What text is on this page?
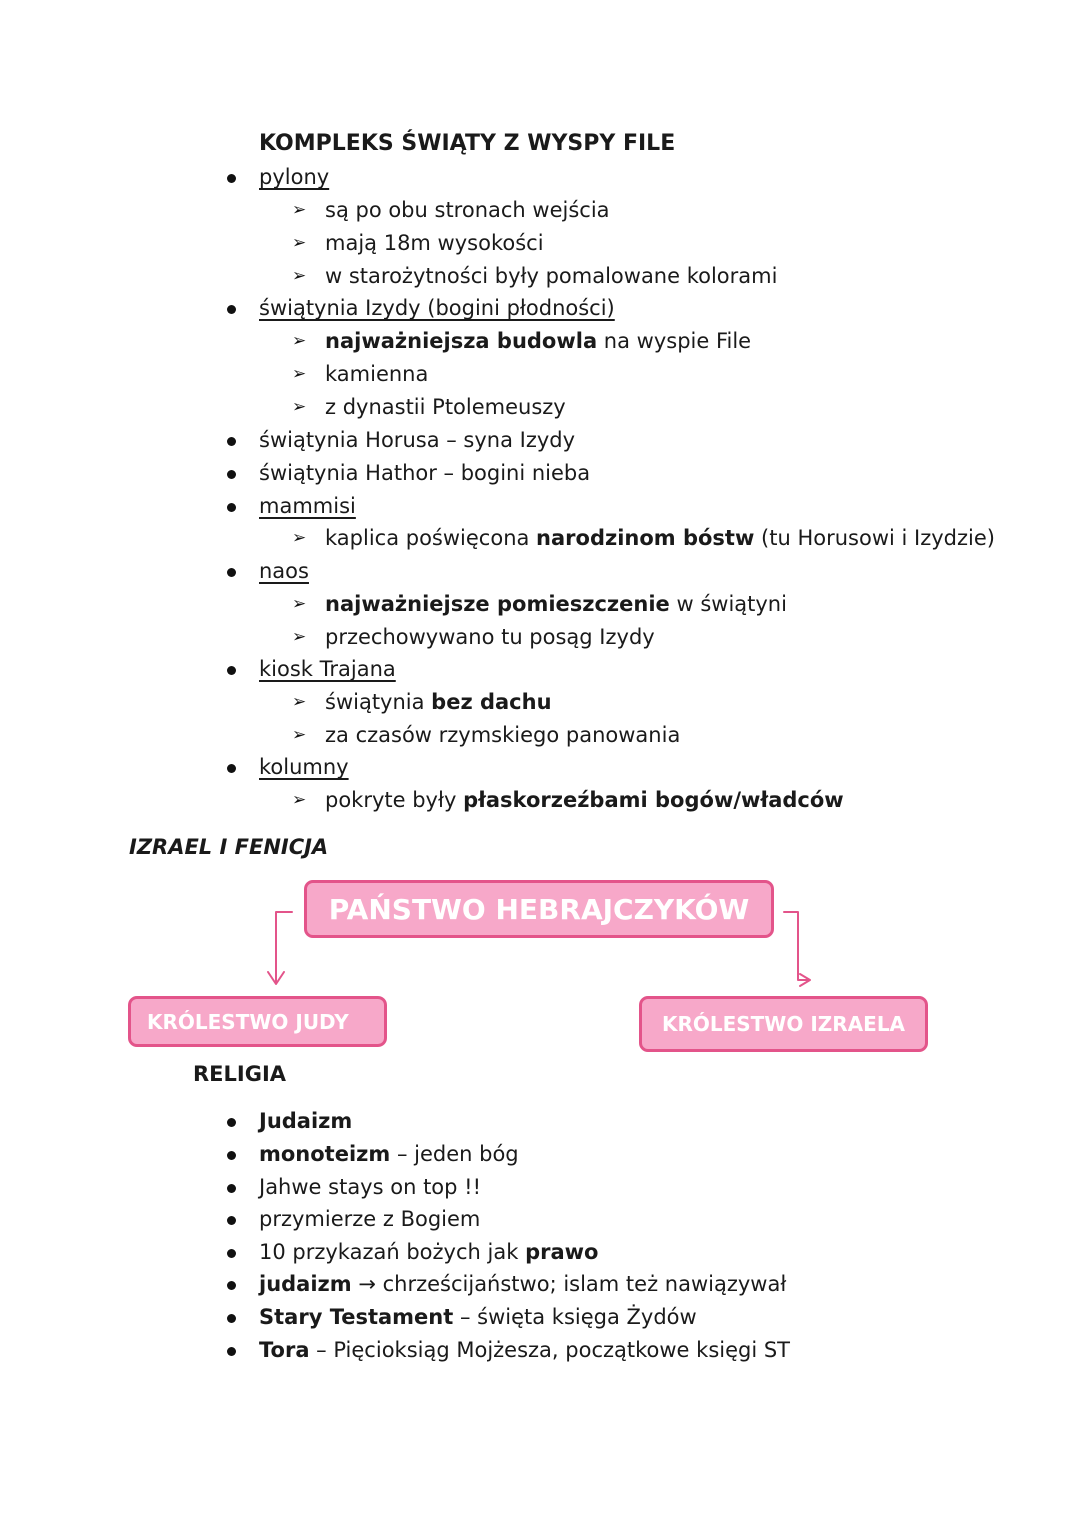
KOMPLEKS ŚWIĄTY Z WYSPY FILE
pylony
➢ są po obu stronach wejścia
➢ mają 18m wysokości
➢ w starożytności były pomalowane kolorami
świątynia Izydy (bogini płodności)
➢ najważniejsza budowla na wyspie File
➢ kamienna
➢ z dynastii Ptolemeuszy
świątynia Horusa – syna Izydy
świątynia Hathor – bogini nieba
mammisi
➢ kaplica poświęcona narodzinom bóstw (tu Horusowi i Izydzie)
naos
➢ najważniejsze pomieszczenie w świątyni
➢ przechowywano tu posąg Izydy
kiosk Trajana
➢ świątynia bez dachu
➢ za czasów rzymskiego panowania
kolumny
➢ pokryte były płaskorzeźbami bogów/władców
IZRAEL I FENICJA
PAŃSTWO HEBRAJCZYKÓW
KRÓLESTWO JUDY	KRÓLESTWO IZRAELA
RELIGIA
Judaizm
monoteizm – jeden bóg
Jahwe stays on top !!
przymierze z Bogiem
10 przykazań bożych jak prawo
judaizm → chrześcijaństwo; islam też nawiązywał
Stary Testament – święta księga Żydów
Tora – Pięcioksiąg Mojżesza, początkowe księgi ST
